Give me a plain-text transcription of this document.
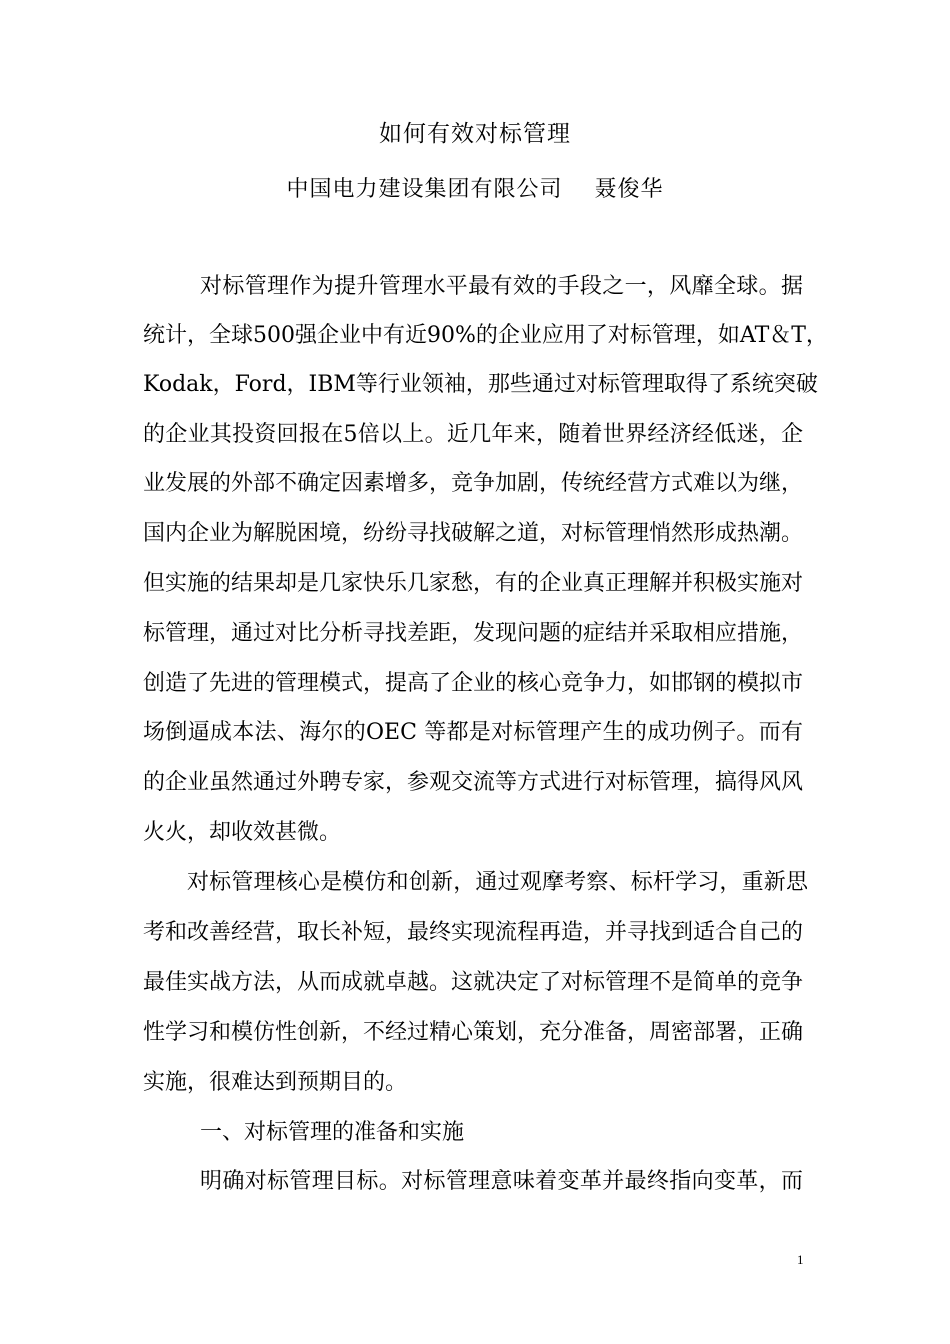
如何有效对标管理
中国电力建设集团有限公司    聂俊华
对标管理作为提升管理水平最有效的手段之一，风靡全球。据
统计，全球500强企业中有近90%的企业应用了对标管理，如AT＆T，
Kodak，Ford，IBM等行业领袖，那些通过对标管理取得了系统突破
的企业其投资回报在5倍以上。近几年来，随着世界经济经低迷，企
业发展的外部不确定因素增多，竞争加剧，传统经营方式难以为继，
国内企业为解脱困境，纷纷寻找破解之道，对标管理悄然形成热潮。
但实施的结果却是几家快乐几家愁，有的企业真正理解并积极实施对
标管理，通过对比分析寻找差距，发现问题的症结并采取相应措施，
创造了先进的管理模式，提高了企业的核心竞争力，如邯钢的模拟市
场倒逼成本法、海尔的OEC 等都是对标管理产生的成功例子。而有
的企业虽然通过外聘专家，参观交流等方式进行对标管理，搞得风风
火火，却收效甚微。
对标管理核心是模仿和创新，通过观摩考察、标杆学习，重新思
考和改善经营，取长补短，最终实现流程再造，并寻找到适合自己的
最佳实战方法，从而成就卓越。这就决定了对标管理不是简单的竞争
性学习和模仿性创新，不经过精心策划，充分准备，周密部署，正确
实施，很难达到预期目的。
一、对标管理的准备和实施
明确对标管理目标。对标管理意味着变革并最终指向变革，而
1
